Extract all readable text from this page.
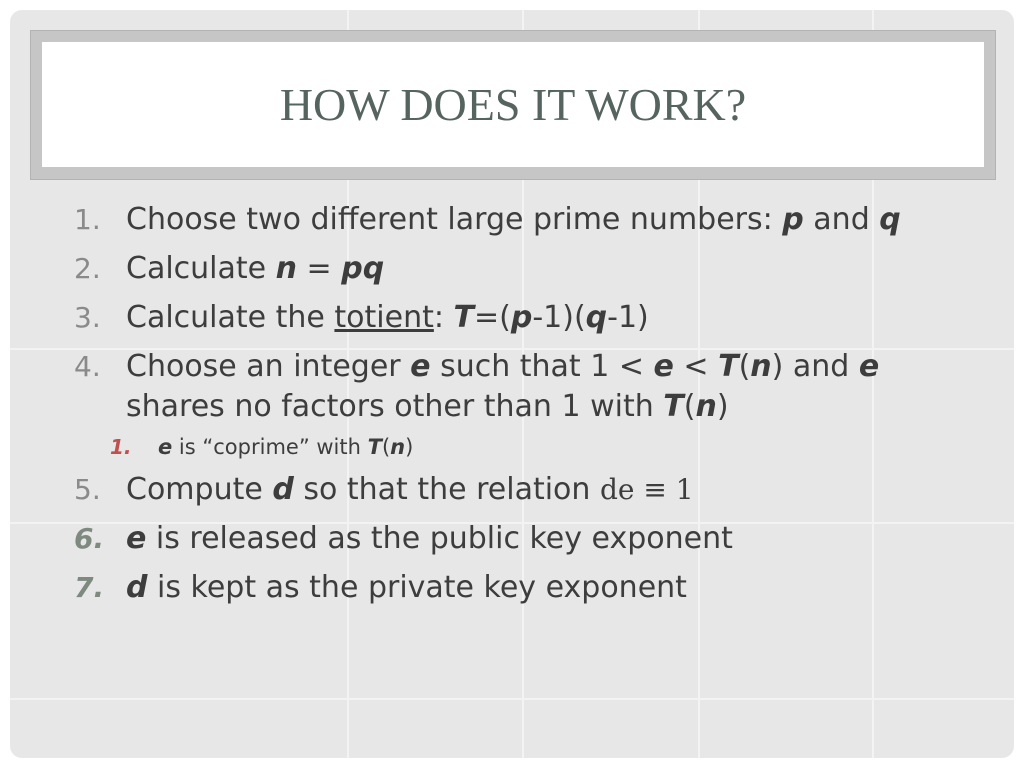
HOW DOES IT WORK?
1. Choose two different large prime numbers: p and q
2. Calculate n = pq
3. Calculate the totient: T=(p-1)(q-1)
4. Choose an integer e such that 1 < e < T(n) and e shares no factors other than 1 with T(n)
1. e is “coprime” with T(n)
5. Compute d so that the relation de ≡ 1
6. e is released as the public key exponent
7. d is kept as the private key exponent
